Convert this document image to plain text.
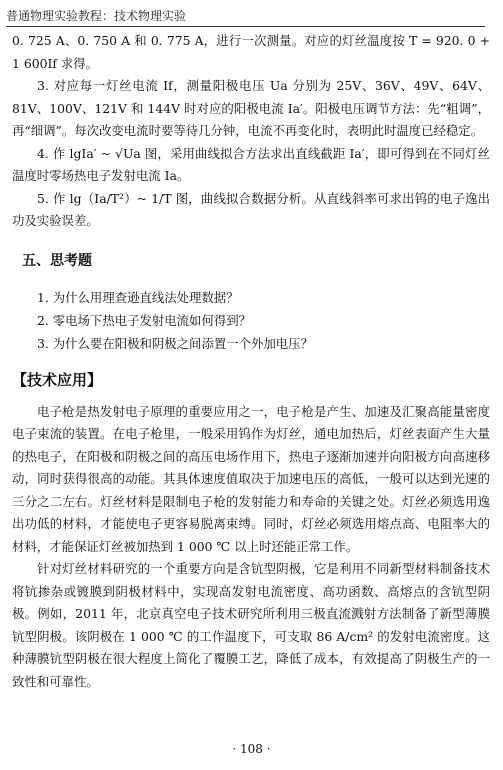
普通物理实验教程：技术物理实验

0. 725 A、0. 750 A 和 0. 775 A，进行一次测量。对应的灯丝温度按 T = 920. 0 + 1 600If 求得。

3. 对应每一灯丝电流 If，测量阳极电压 Ua 分别为 25V、36V、49V、64V、81V、100V、121V 和 144V 时对应的阳极电流 Ia′。阳极电压调节方法：先“粗调”，再“细调”。每次改变电流时要等待几分钟，电流不再变化时，表明此时温度已经稳定。

4. 作 lgIa′ ~ √Ua 图，采用曲线拟合方法求出直线截距 Ia′，即可得到在不同灯丝温度时零场热电子发射电流 Ia。

5. 作 lg（Ia/T²）~ 1/T 图，曲线拟合数据分析。从直线斜率可求出钨的电子逸出功及实验误差。

五、思考题
1. 为什么用理查逊直线法处理数据？
2. 零电场下热电子发射电流如何得到？
3. 为什么要在阳极和阴极之间添置一个外加电压？
【技术应用】

电子枪是热发射电子原理的重要应用之一，电子枪是产生、加速及汇聚高能量密度电子束流的装置。在电子枪里，一般采用钨作为灯丝，通电加热后，灯丝表面产生大量的热电子，在阳极和阴极之间的高压电场作用下，热电子逐渐加速并向阳极方向高速移动，同时获得很高的动能。其具体速度值取决于加速电压的高低，一般可以达到光速的三分之二左右。灯丝材料是限制电子枪的发射能力和寿命的关键之处。灯丝必须选用逸出功低的材料，才能使电子更容易脱离束缚。同时，灯丝必须选用熔点高、电阻率大的材料，才能保证灯丝被加热到 1 000 ℃ 以上时还能正常工作。

针对灯丝材料研究的一个重要方向是含钪型阴极，它是利用不同新型材料制备技术将钪掺杂或镀膜到阴极材料中，实现高发射电流密度、高功函数、高熔点的含钪型阴极。例如，2011 年，北京真空电子技术研究所利用三极直流溅射方法制备了新型薄膜钪型阴极。该阴极在 1 000 ℃ 的工作温度下，可支取 86 A/cm² 的发射电流密度。这种薄膜钪型阴极在很大程度上简化了覆膜工艺，降低了成本，有效提高了阴极生产的一致性和可靠性。

· 108 ·
